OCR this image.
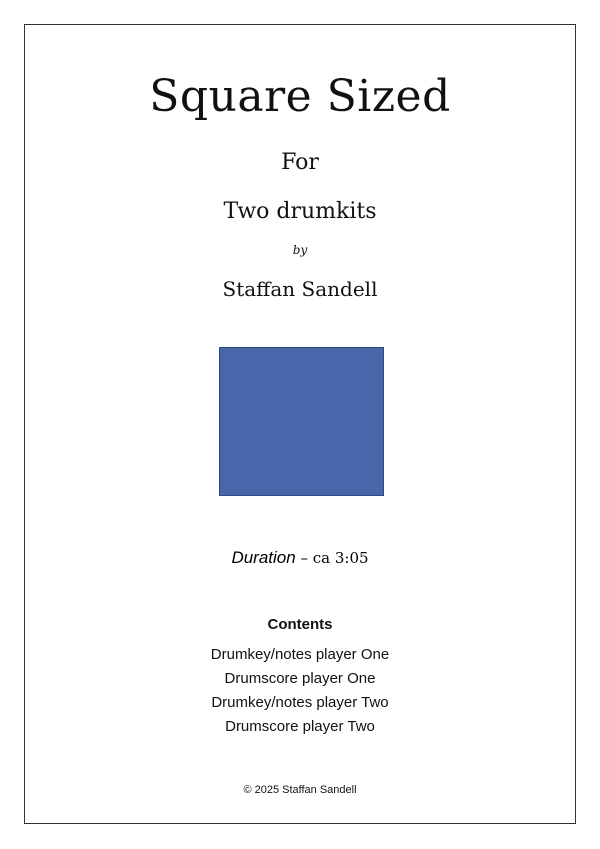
Square Sized
For
Two drumkits
by
Staffan Sandell
Duration – ca 3:05
Contents
Drumkey/notes player One
Drumscore player One
Drumkey/notes player Two
Drumscore player Two
© 2025 Staffan Sandell
